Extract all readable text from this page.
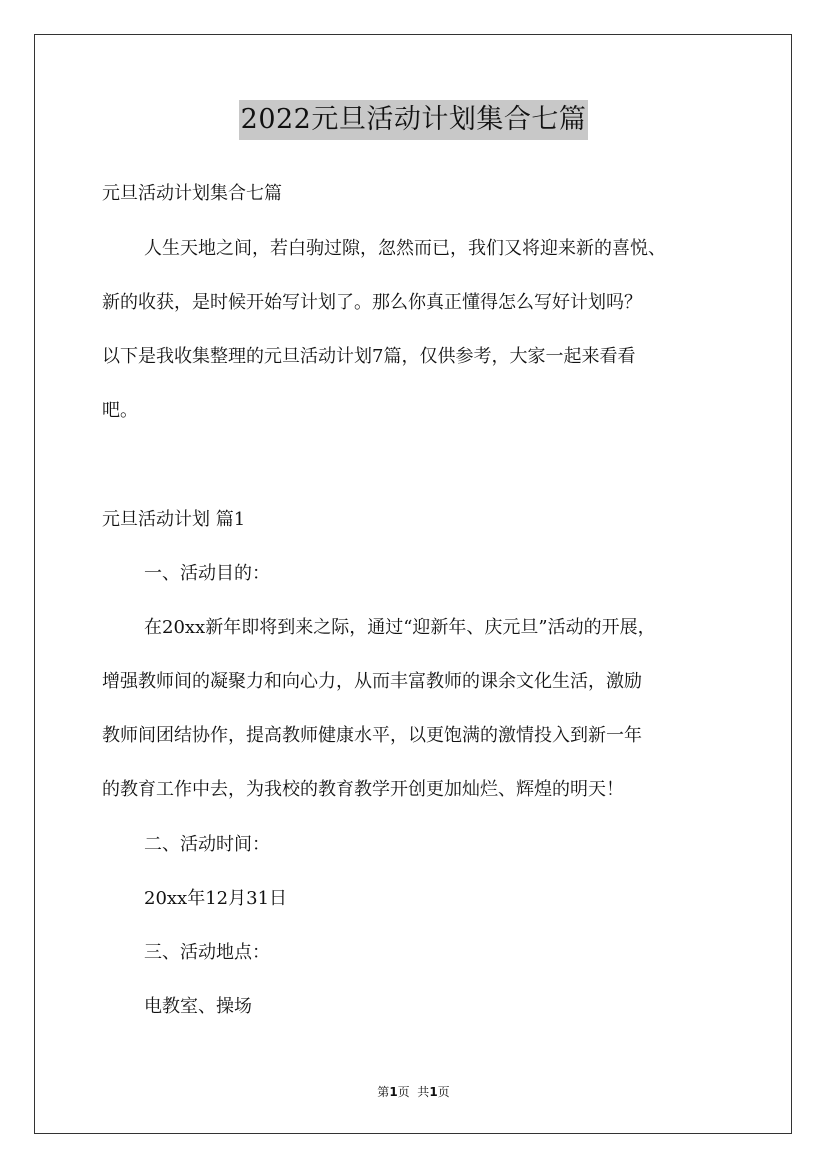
2022元旦活动计划集合七篇
元旦活动计划集合七篇
人生天地之间，若白驹过隙，忽然而已，我们又将迎来新的喜悦、
新的收获，是时候开始写计划了。那么你真正懂得怎么写好计划吗？
以下是我收集整理的元旦活动计划7篇，仅供参考，大家一起来看看
吧。
元旦活动计划 篇1
一、活动目的：
在20xx新年即将到来之际，通过“迎新年、庆元旦”活动的开展，
增强教师间的凝聚力和向心力，从而丰富教师的课余文化生活，激励
教师间团结协作，提高教师健康水平，以更饱满的激情投入到新一年
的教育工作中去，为我校的教育教学开创更加灿烂、辉煌的明天！
二、活动时间：
20xx年12月31日
三、活动地点：
电教室、操场
第1页  共1页
